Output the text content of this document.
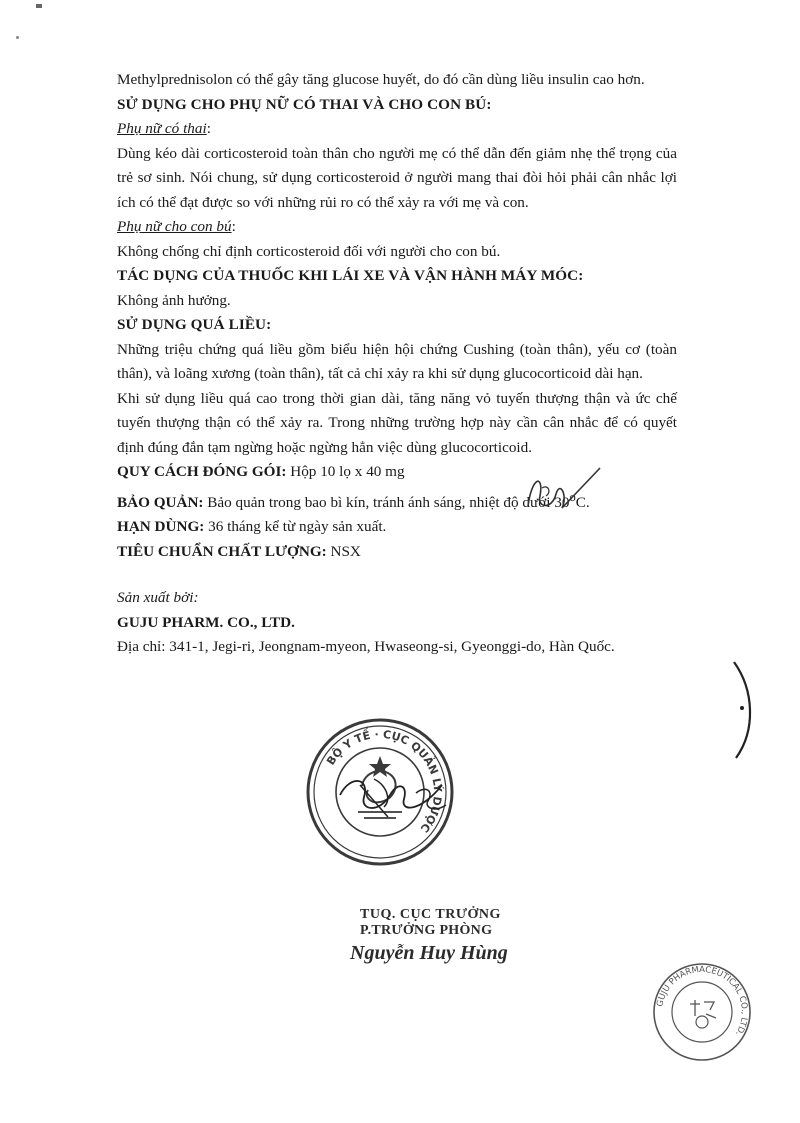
Methylprednisolon có thể gây tăng glucose huyết, do đó cần dùng liều insulin cao hơn.

SỬ DỤNG CHO PHỤ NỮ CÓ THAI VÀ CHO CON BÚ:

Phụ nữ có thai:

Dùng kéo dài corticosteroid toàn thân cho người mẹ có thể dẫn đến giảm nhẹ thể trọng của trẻ sơ sinh. Nói chung, sử dụng corticosteroid ở người mang thai đòi hỏi phải cân nhắc lợi ích có thể đạt được so với những rủi ro có thể xảy ra với mẹ và con.

Phụ nữ cho con bú:

Không chống chỉ định corticosteroid đối với người cho con bú.

TÁC DỤNG CỦA THUỐC KHI LÁI XE VÀ VẬN HÀNH MÁY MÓC:

Không ảnh hưởng.

SỬ DỤNG QUÁ LIỀU:

Những triệu chứng quá liều gồm biểu hiện hội chứng Cushing (toàn thân), yếu cơ (toàn thân), và loãng xương (toàn thân), tất cả chỉ xảy ra khi sử dụng glucocorticoid dài hạn.

Khi sử dụng liều quá cao trong thời gian dài, tăng năng vỏ tuyến thượng thận và ức chế tuyến thượng thận có thể xảy ra. Trong những trường hợp này cần cân nhắc để có quyết định đúng đắn tạm ngừng hoặc ngừng hẳn việc dùng glucocorticoid.

QUY CÁCH ĐÓNG GÓI: Hộp 10 lọ x 40 mg

BẢO QUẢN: Bảo quản trong bao bì kín, tránh ánh sáng, nhiệt độ dưới 30$^o$C.

HẠN DÙNG: 36 tháng kể từ ngày sản xuất.

TIÊU CHUẨN CHẤT LƯỢNG: NSX

Sản xuất bởi:

GUJU PHARM. CO., LTD.

Địa chỉ: 341-1, Jegi-ri, Jeongnam-myeon, Hwaseong-si, Gyeonggi-do, Hàn Quốc.

BỘ Y TẾ · CỤC QUẢN LÝ DƯỢC
TUQ. CỤC TRƯỞNG
P.TRƯỞNG PHÒNG
Nguyễn Huy Hùng
GUJU PHARMACEUTICAL CO., LTD.
